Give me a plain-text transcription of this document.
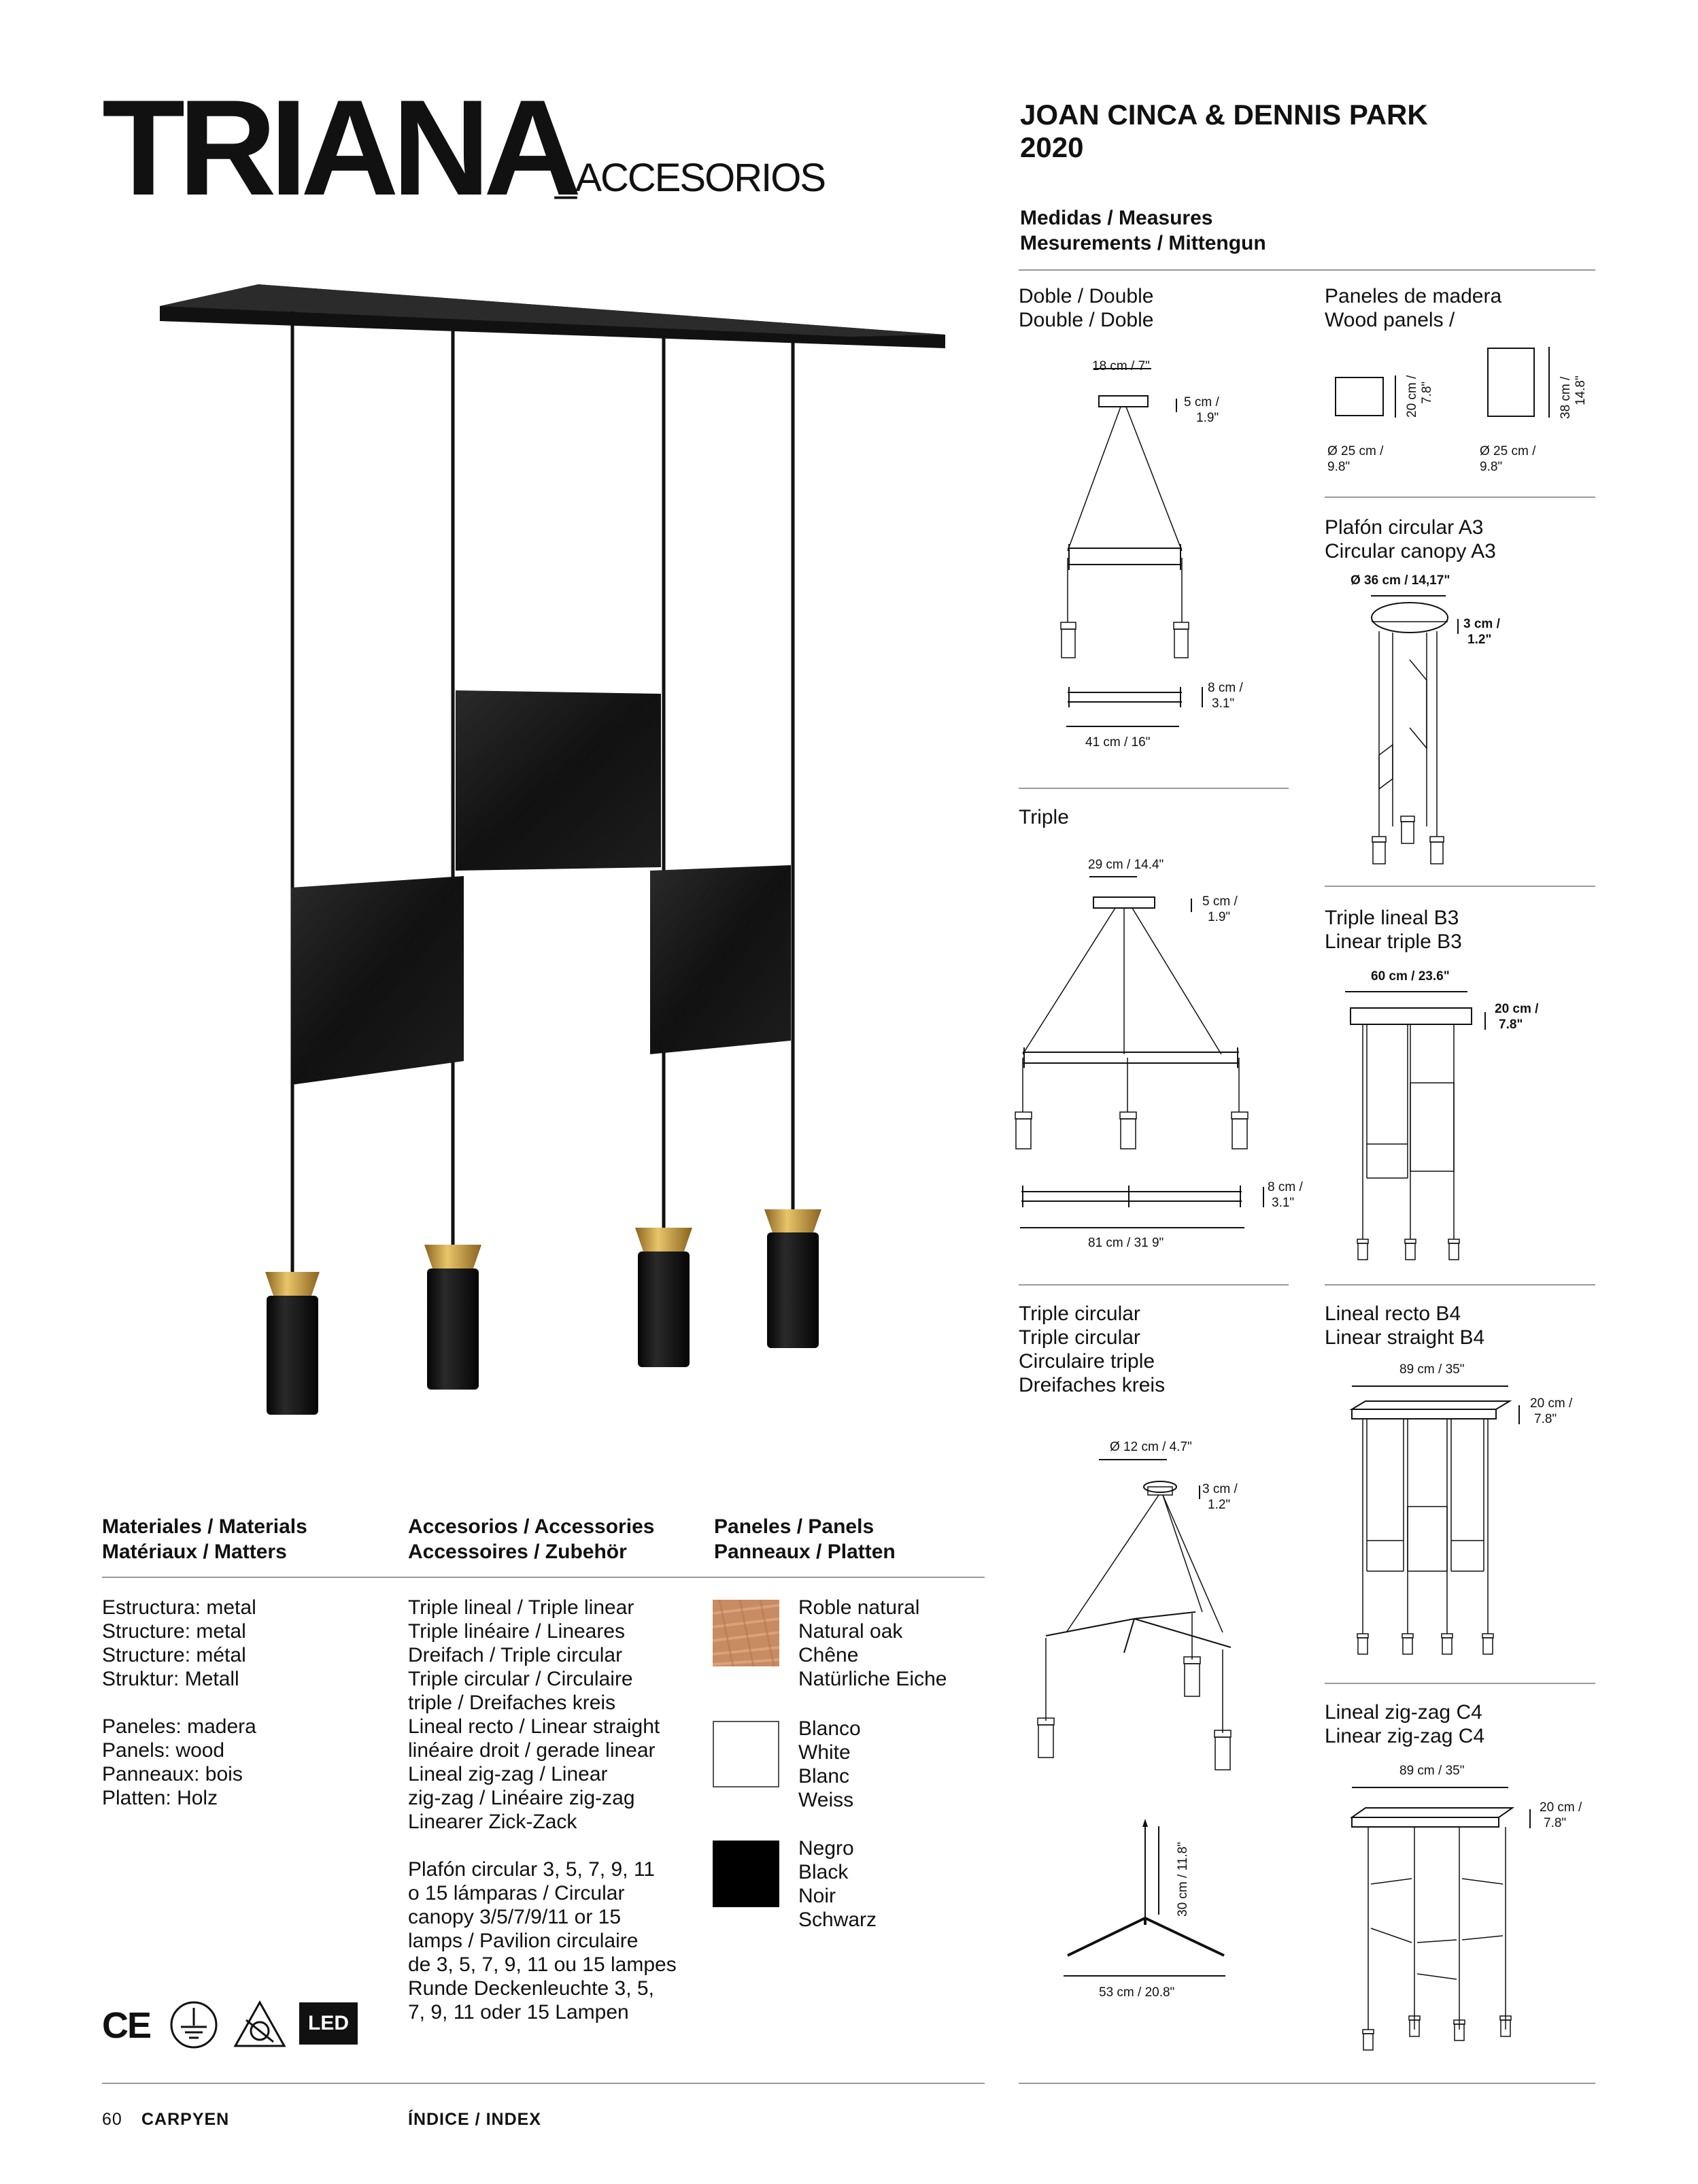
TRIANA
_ACCESORIOS
JOAN CINCA & DENNIS PARK
2020
Medidas / Measures
Mesurements / Mittengun
Doble / Double
Double / Doble
18 cm / 7"
5 cm /
1.9"
8 cm /
3.1"
41 cm / 16"
Paneles de madera
Wood panels /
20 cm / 7.8"	38 cm / 14.8"
Ø 25 cm /
9.8"
Ø 25 cm /
9.8"
Plafón circular A3
Circular canopy A3
Ø 36 cm / 14,17"
3 cm /
1.2"
Triple
29 cm / 14.4"
5 cm /
1.9"
8 cm /
3.1"
81 cm / 31 9"
Triple lineal B3
Linear triple B3
60 cm / 23.6"
20 cm /
7.8"
Triple circular
Triple circular
Circulaire triple
Dreifaches kreis
Ø 12 cm / 4.7"
3 cm /
1.2"
30 cm / 11.8"
53 cm / 20.8"
Lineal recto B4
Linear straight B4
89 cm / 35"
20 cm /
7.8"
Lineal zig-zag C4
Linear zig-zag C4
89 cm / 35"
20 cm /
7.8"
Materiales / Materials
Matériaux / Matters
Accesorios / Accessories
Accessoires / Zubehör
Paneles / Panels
Panneaux / Platten
Estructura: metal
Structure: metal
Structure: métal
Struktur: Metall
Paneles: madera
Panels: wood
Panneaux: bois
Platten: Holz
Triple lineal / Triple linear
Triple linéaire / Lineares
Dreifach / Triple circular
Triple circular / Circulaire
triple / Dreifaches kreis
Lineal recto / Linear straight
linéaire droit / gerade linear
Lineal zig-zag / Linear
zig-zag / Linéaire zig-zag
Linearer Zick-Zack
Plafón circular 3, 5, 7, 9, 11
o 15 lámparas / Circular
canopy 3/5/7/9/11 or 15
lamps / Pavilion circulaire
de 3, 5, 7, 9, 11 ou 15 lampes
Runde Deckenleuchte 3, 5,
7, 9, 11 oder 15 Lampen
Roble natural
Natural oak
Chêne
Natürliche Eiche
Blanco
White
Blanc
Weiss
Negro
Black
Noir
Schwarz
CE	LED
60 CARPYEN	ÍNDICE / INDEX
